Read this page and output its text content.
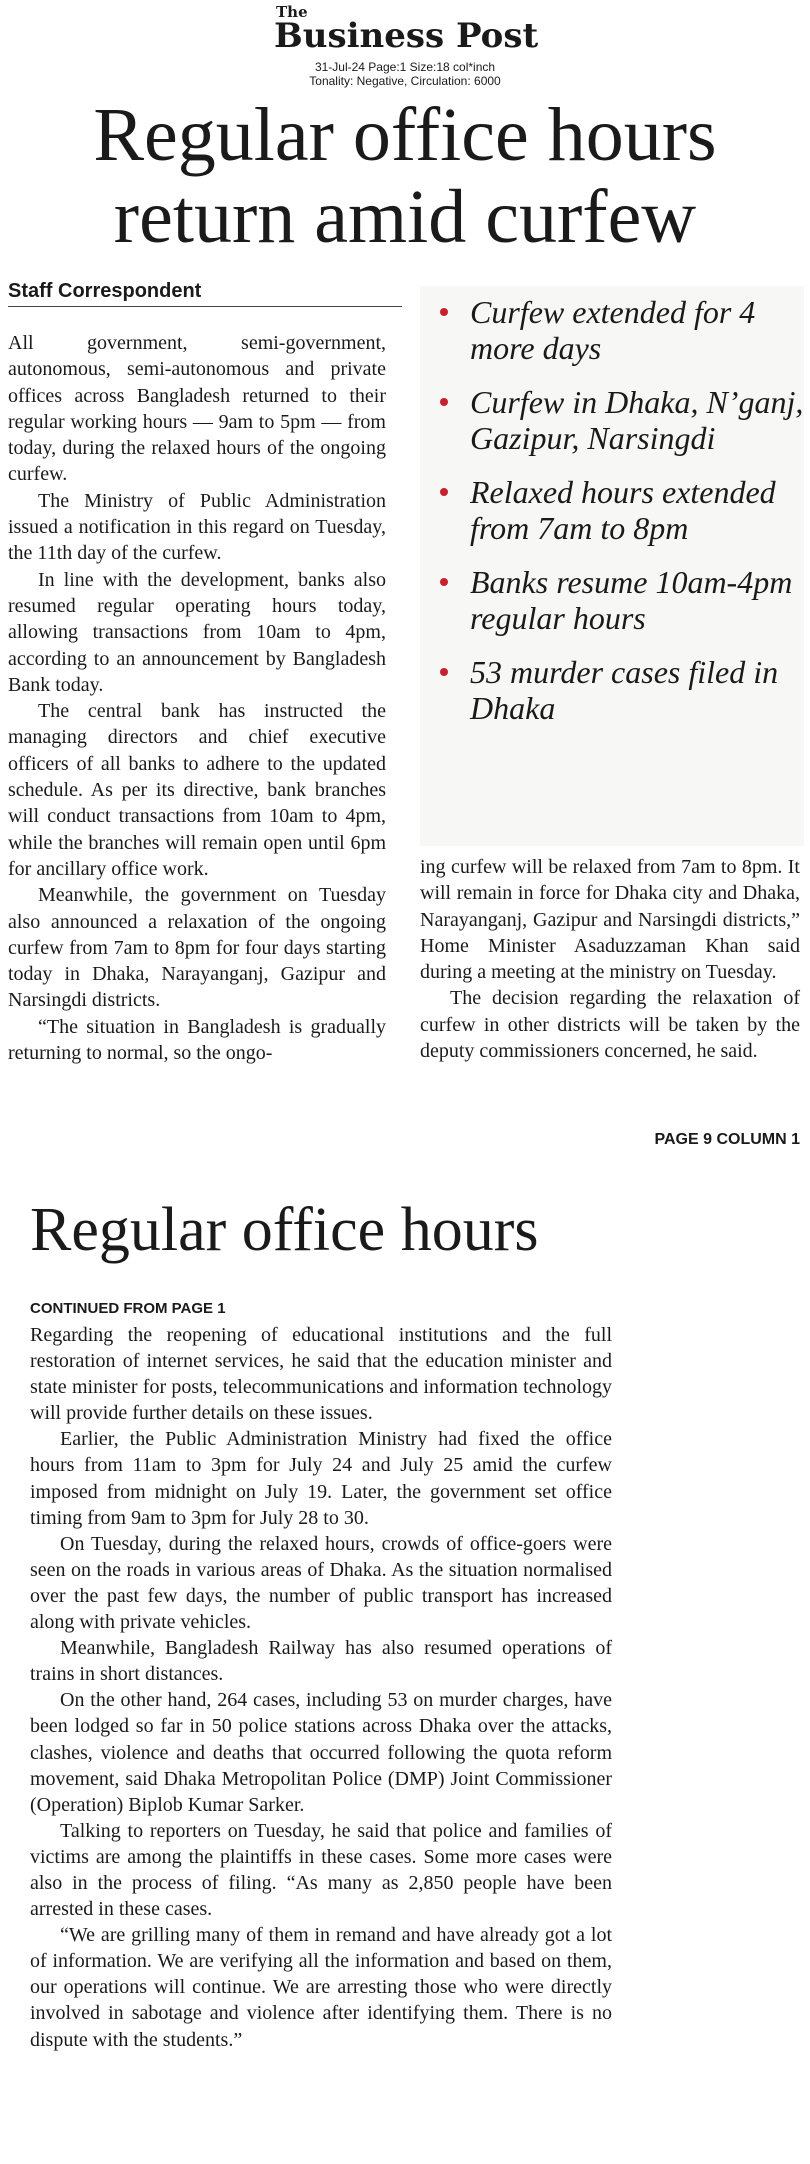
The
Business Post
31-Jul-24 Page:1 Size:18 col*inch
Tonality: Negative, Circulation: 6000
Regular office hours
return amid curfew
Staff Correspondent

All government, semi-government, autonomous, semi-autonomous and private offices across Bangladesh returned to their regular working hours — 9am to 5pm — from today, during the relaxed hours of the ongoing curfew.

The Ministry of Public Administration issued a notification in this regard on Tuesday, the 11th day of the curfew.

In line with the development, banks also resumed regular operating hours today, allowing transactions from 10am to 4pm, according to an announcement by Bangladesh Bank today.

The central bank has instructed the managing directors and chief executive officers of all banks to adhere to the updated schedule. As per its directive, bank branches will conduct transactions from 10am to 4pm, while the branches will remain open until 6pm for ancillary office work.

Meanwhile, the government on Tuesday also announced a relaxation of the ongoing curfew from 7am to 8pm for four days starting today in Dhaka, Narayanganj, Gazipur and Narsingdi districts.

“The situation in Bangladesh is gradually returning to normal, so the ongo-

Curfew extended for 4 more days
Curfew in Dhaka, N’ganj, Gazipur, Narsingdi
Relaxed hours extended from 7am to 8pm
Banks resume 10am-4pm regular hours
53 murder cases filed in Dhaka

ing curfew will be relaxed from 7am to 8pm. It will remain in force for Dhaka city and Dhaka, Narayanganj, Gazipur and Narsingdi districts,” Home Minister Asaduzzaman Khan said during a meeting at the ministry on Tuesday.

The decision regarding the relaxation of curfew in other districts will be taken by the deputy commissioners concerned, he said.

PAGE 9 COLUMN 1
Regular office hours
CONTINUED FROM PAGE 1

Regarding the reopening of educational institutions and the full restoration of internet services, he said that the education minister and state minister for posts, telecommunications and information technology will provide further details on these issues.

Earlier, the Public Administration Ministry had fixed the office hours from 11am to 3pm for July 24 and July 25 amid the curfew imposed from midnight on July 19. Later, the government set office timing from 9am to 3pm for July 28 to 30.

On Tuesday, during the relaxed hours, crowds of office-goers were seen on the roads in various areas of Dhaka. As the situation normalised over the past few days, the number of public transport has increased along with private vehicles.

Meanwhile, Bangladesh Railway has also resumed operations of trains in short distances.

On the other hand, 264 cases, including 53 on murder charges, have been lodged so far in 50 police stations across Dhaka over the attacks, clashes, violence and deaths that occurred following the quota reform movement, said Dhaka Metropolitan Police (DMP) Joint Commissioner (Operation) Biplob Kumar Sarker.

Talking to reporters on Tuesday, he said that police and families of victims are among the plaintiffs in these cases. Some more cases were also in the process of filing. “As many as 2,850 people have been arrested in these cases.

“We are grilling many of them in remand and have already got a lot of information. We are verifying all the information and based on them, our operations will continue. We are arresting those who were directly involved in sabotage and violence after identifying them. There is no dispute with the students.”
